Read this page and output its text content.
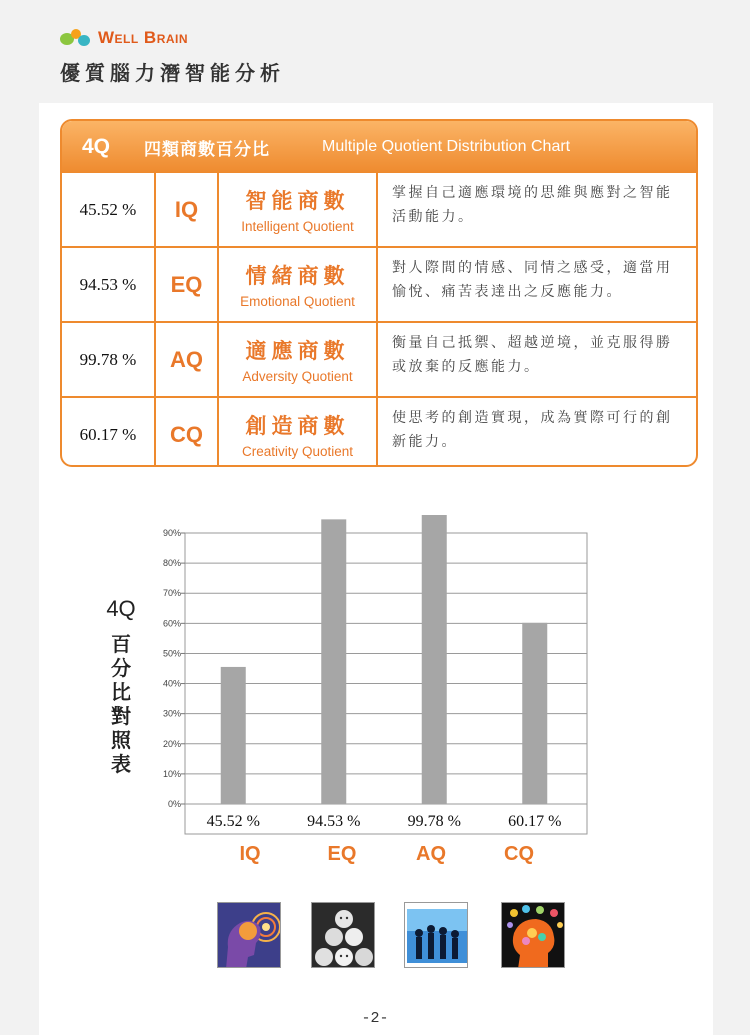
Well Brain
優質腦力潛智能分析
4Q	四類商數百分比	Multiple Quotient Distribution Chart
45.52 %	IQ	智能商數
Intelligent Quotient
掌握自己適應環境的思維與應對之智能活動能力。
94.53 %	EQ	情緒商數
Emotional Quotient
對人際間的情感、同情之感受，適當用愉悅、痛苦表達出之反應能力。
99.78 %	AQ	適應商數
Adversity Quotient
衡量自己抵禦、超越逆境，並克服得勝或放棄的反應能力。
60.17 %	CQ	創造商數
Creativity Quotient
使思考的創造實現，成為實際可行的創新能力。
4Q
百
分
比
對
照
表
0%
10%
20%
30%
40%
50%
60%
70%
80%
90%
45.52 %	94.53 %	99.78 %	60.17 %
IQ	EQ	AQ	CQ
-2-
